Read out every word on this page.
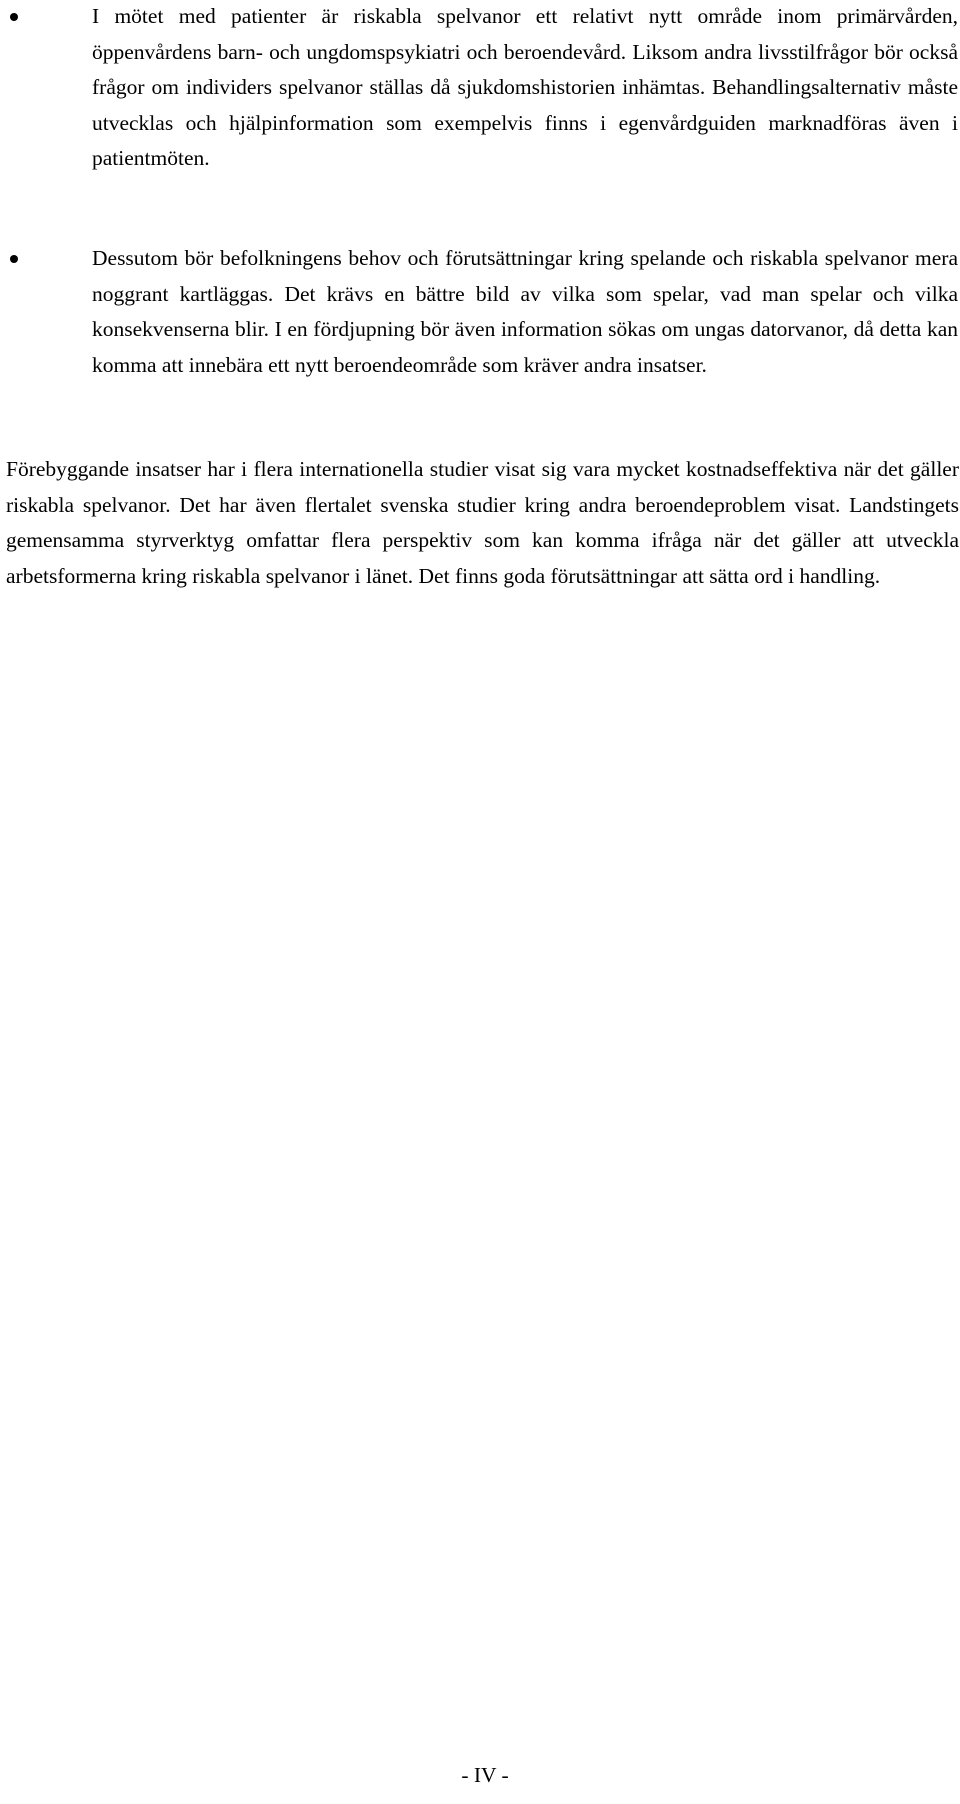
I mötet med patienter är riskabla spelvanor ett relativt nytt område inom primärvården, öppenvårdens barn- och ungdomspsykiatri och beroendevård. Liksom andra livsstilfrågor bör också frågor om individers spelvanor ställas då sjukdomshistorien inhämtas. Behandlingsalternativ måste utvecklas och hjälpinformation som exempelvis finns i egenvårdguiden marknadföras även i patientmöten.
Dessutom bör befolkningens behov och förutsättningar kring spelande och riskabla spelvanor mera noggrant kartläggas. Det krävs en bättre bild av vilka som spelar, vad man spelar och vilka konsekvenserna blir. I en fördjupning bör även information sökas om ungas datorvanor, då detta kan komma att innebära ett nytt beroendeområde som kräver andra insatser.

Förebyggande insatser har i flera internationella studier visat sig vara mycket kostnadseffektiva när det gäller riskabla spelvanor. Det har även flertalet svenska studier kring andra beroendeproblem visat. Landstingets gemensamma styrverktyg omfattar flera perspektiv som kan komma ifråga när det gäller att utveckla arbetsformerna kring riskabla spelvanor i länet. Det finns goda förutsättningar att sätta ord i handling.

- IV -
